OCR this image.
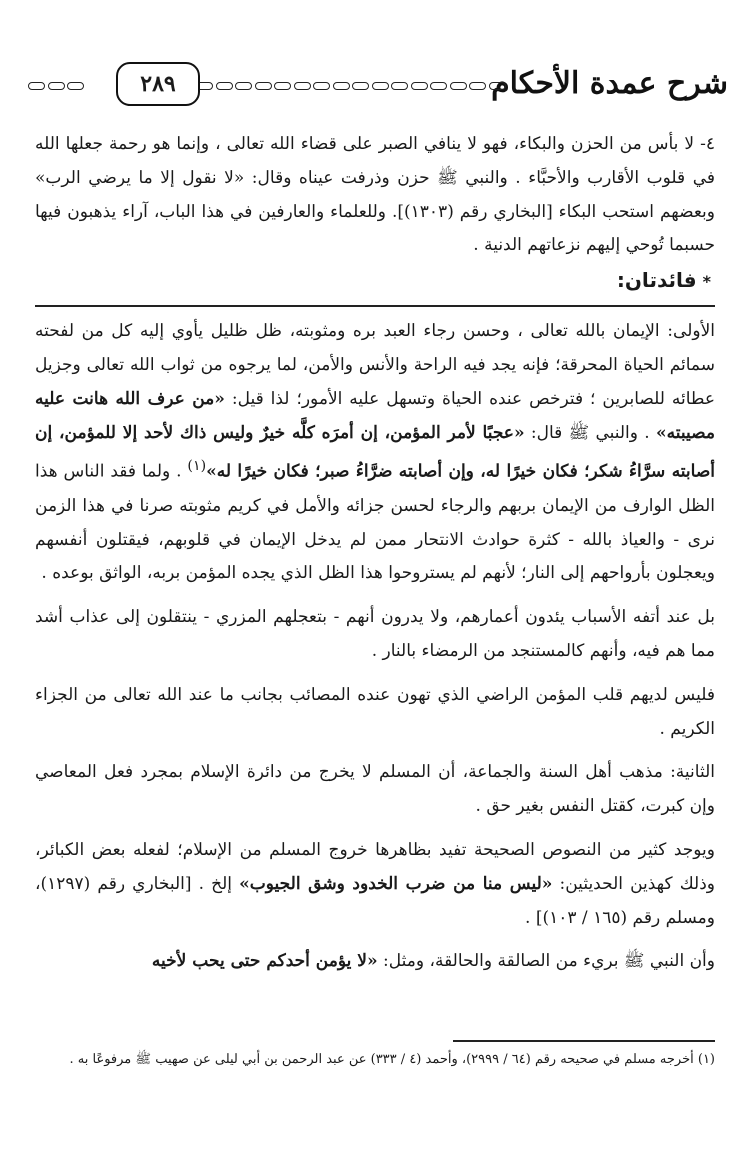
شرح عمدة الأحكام
٢٨٩

٤- لا بأس من الحزن والبكاء، فهو لا ينافي الصبر على قضاء الله تعالى ، وإنما هو رحمة جعلها الله في قلوب الأقارب والأحبَّاء . والنبي ﷺ حزن وذرفت عيناه وقال: «لا نقول إلا ما يرضي الرب» وبعضهم استحب البكاء [البخاري رقم (١٣٠٣)]. وللعلماء والعارفين في هذا الباب، آراء يذهبون فيها حسبما تُوحي إليهم نزعاتهم الدنية .

*فائدتان:

الأولى: الإيمان بالله تعالى ، وحسن رجاء العبد بره ومثوبته، ظل ظليل يأوي إليه كل من لفحته سمائم الحياة المحرقة؛ فإنه يجد فيه الراحة والأنس والأمن، لما يرجوه من ثواب الله تعالى وجزيل عطائه للصابرين ؛ فترخص عنده الحياة وتسهل عليه الأمور؛ لذا قيل: «من عرف الله هانت عليه مصيبته» . والنبي ﷺ قال: «عجبًا لأمر المؤمن، إن أمرَه كلَّه خيرٌ وليس ذاك لأحد إلا للمؤمن، إن أصابته سرَّاءُ شكر؛ فكان خيرًا له، وإن أصابته ضرَّاءُ صبر؛ فكان خيرًا له»$^{(١)}$ . ولما فقد الناس هذا الظل الوارف من الإيمان بربهم والرجاء لحسن جزائه والأمل في كريم مثوبته صرنا في هذا الزمن نرى - والعياذ بالله - كثرة حوادث الانتحار ممن لم يدخل الإيمان في قلوبهم، فيقتلون أنفسهم ويعجلون بأرواحهم إلى النار؛ لأنهم لم يستروحوا هذا الظل الذي يجده المؤمن بربه، الواثق بوعده .

بل عند أتفه الأسباب يئدون أعمارهم، ولا يدرون أنهم - بتعجلهم المزري - ينتقلون إلى عذاب أشد مما هم فيه، وأنهم كالمستنجد من الرمضاء بالنار .

فليس لديهم قلب المؤمن الراضي الذي تهون عنده المصائب بجانب ما عند الله تعالى من الجزاء الكريم .

الثانية: مذهب أهل السنة والجماعة، أن المسلم لا يخرج من دائرة الإسلام بمجرد فعل المعاصي وإن كبرت، كقتل النفس بغير حق .

ويوجد كثير من النصوص الصحيحة تفيد بظاهرها خروج المسلم من الإسلام؛ لفعله بعض الكبائر، وذلك كهذين الحديثين: «ليس منا من ضرب الخدود وشق الجيوب» إلخ . [البخاري رقم (١٢٩٧)، ومسلم رقم (١٦٥ / ١٠٣)] .

وأن النبي ﷺ بريء من الصالقة والحالقة، ومثل: «لا يؤمن أحدكم حتى يحب لأخيه

(١) أخرجه مسلم في صحيحه رقم (٦٤ / ٢٩٩٩)، وأحمد (٤ / ٣٣٣) عن عبد الرحمن بن أبي ليلى عن صهيب ﷺ مرفوعًا به .
